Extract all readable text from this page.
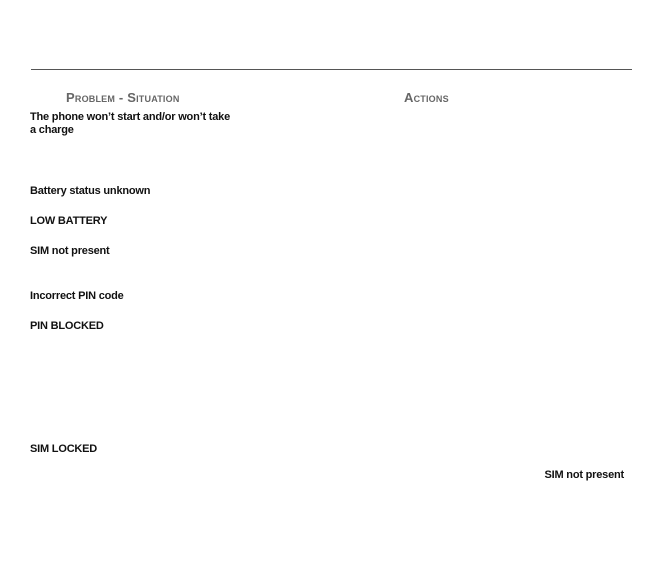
Problem - Situation	Actions
The phone won’t start and/or won’t take a charge
Battery status unknown
LOW BATTERY
SIM not present
Incorrect PIN code
PIN BLOCKED
SIM LOCKED
SIM not present
